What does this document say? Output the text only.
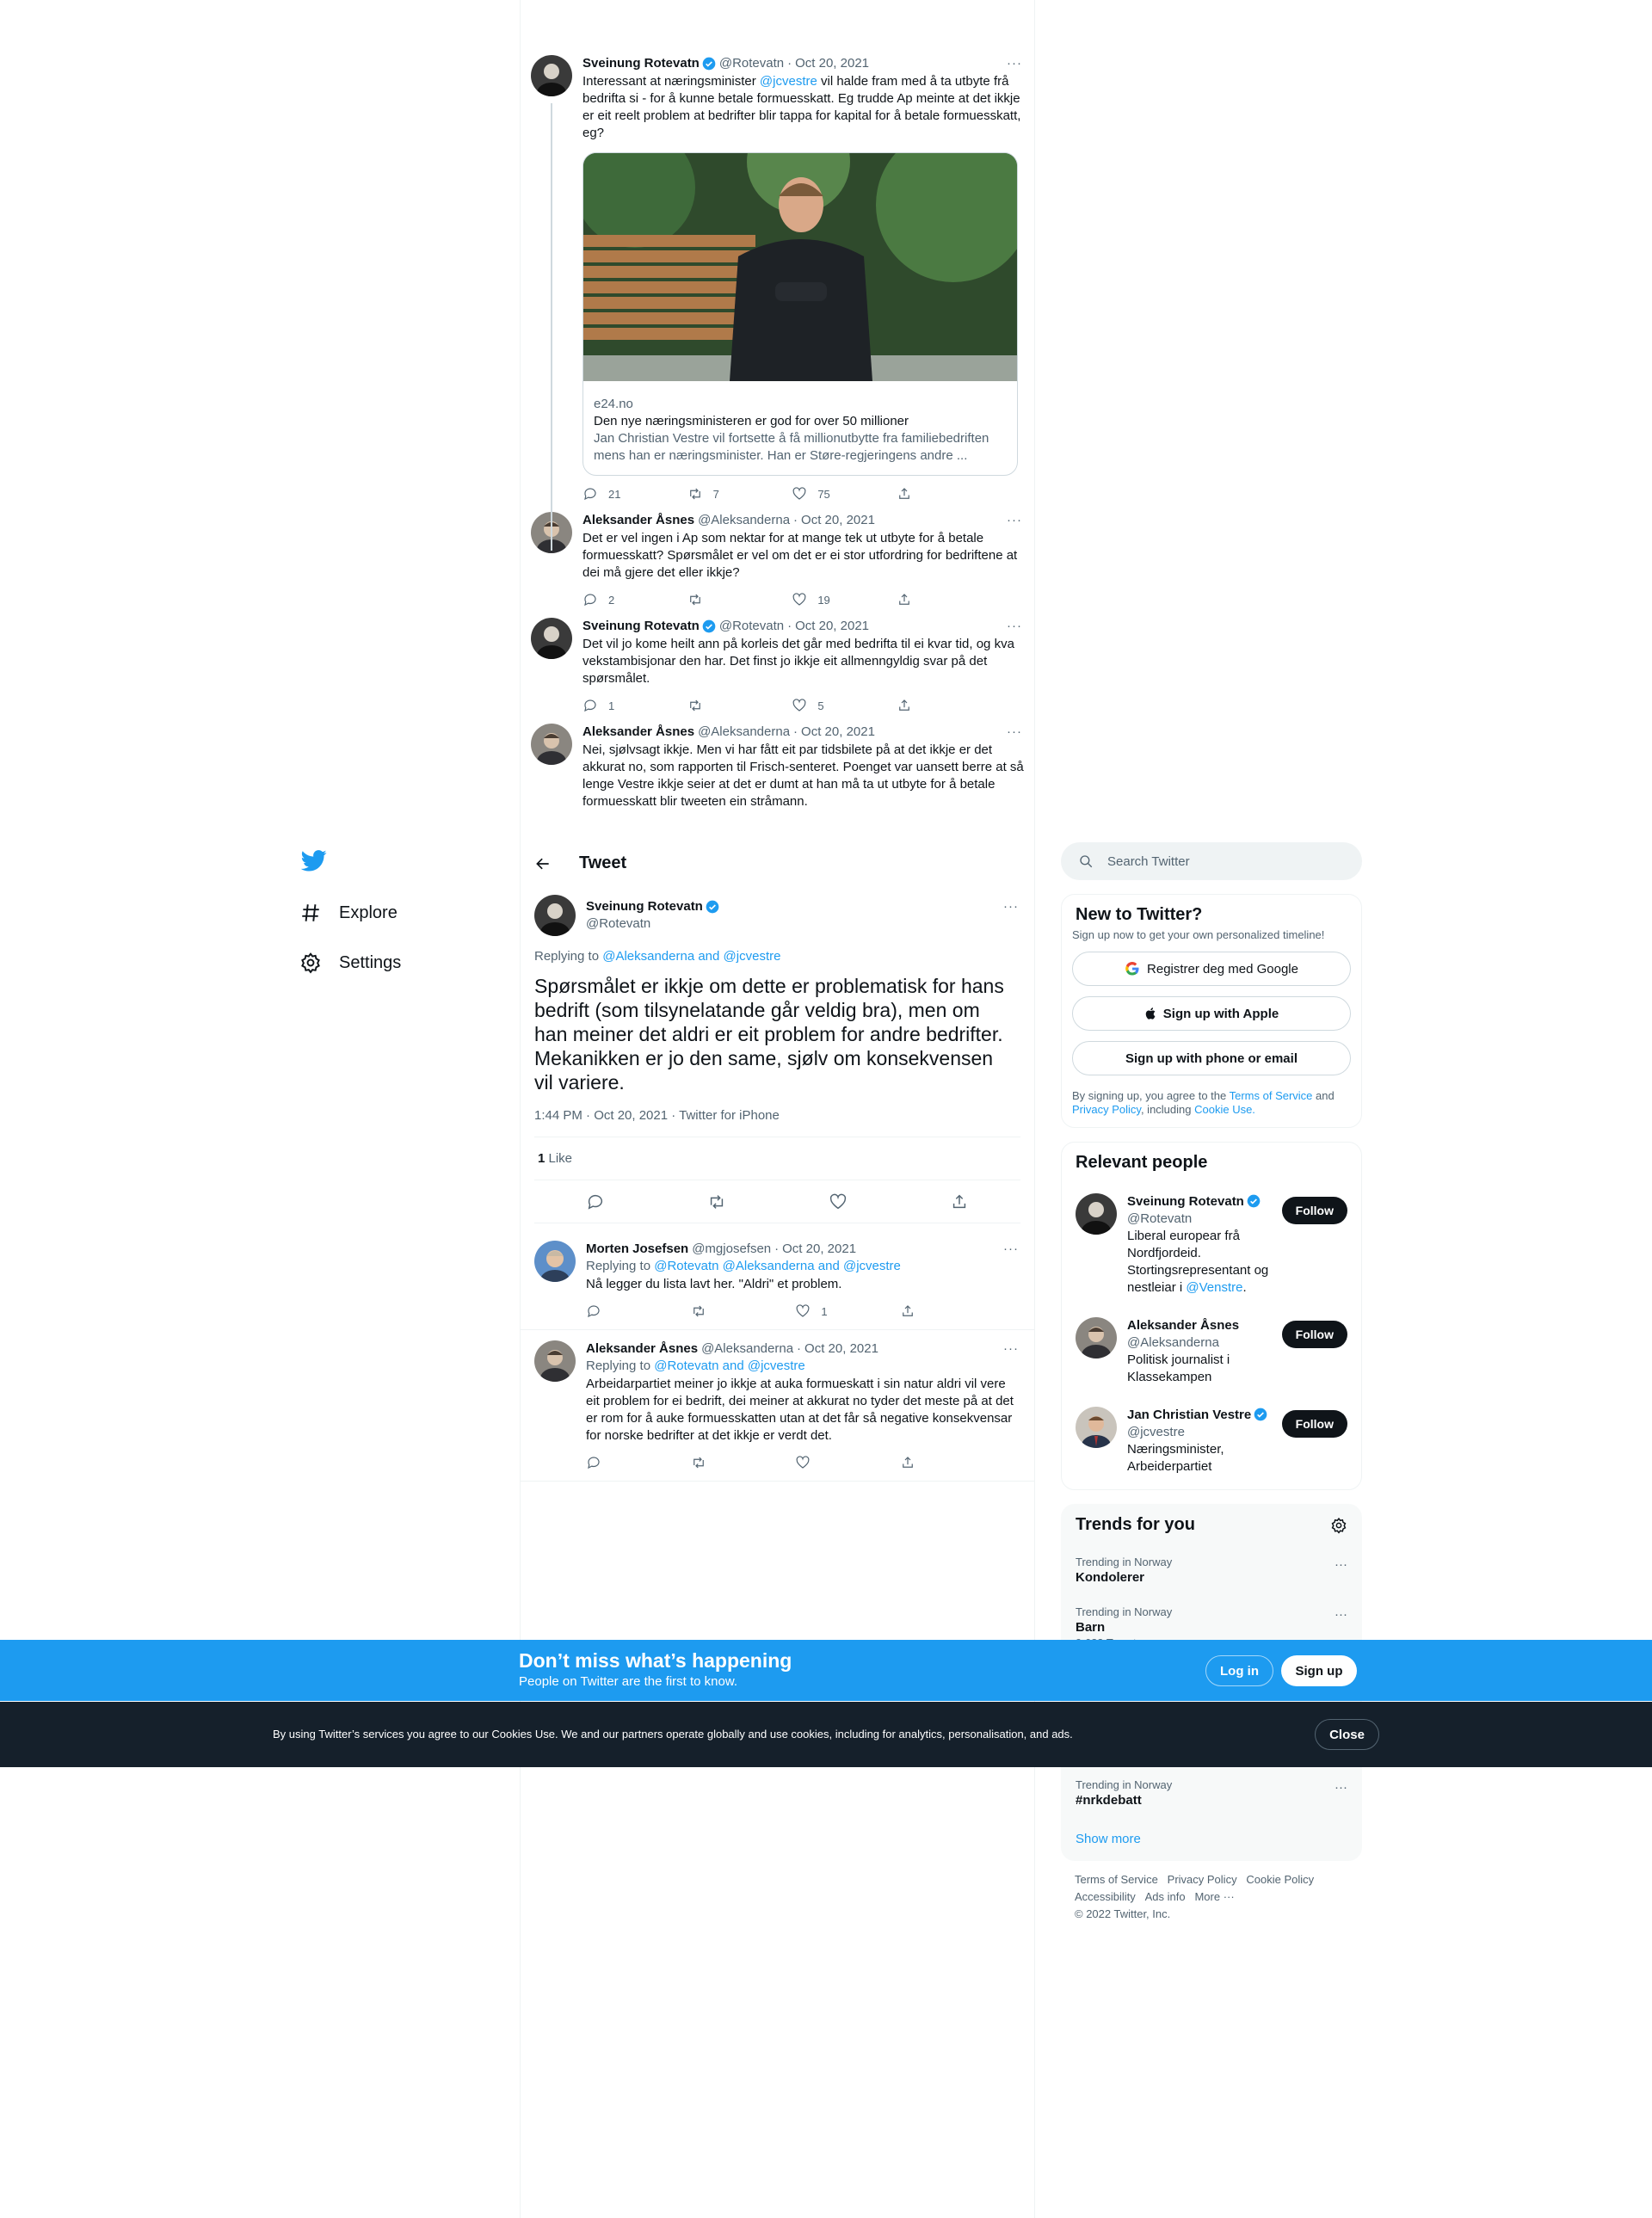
Sveinung Rotevatn @Rotevatn · Oct 20, 2021	···
Interessant at næringsminister @jcvestre vil halde fram med å ta utbyte frå bedrifta si - for å kunne betale formuesskatt. Eg trudde Ap meinte at det ikkje er eit reelt problem at bedrifter blir tappa for kapital for å betale formuesskatt, eg?
e24.no
Den nye næringsministeren er god for over 50 millioner
Jan Christian Vestre vil fortsette å få millionutbytte fra familiebedriften mens han er næringsminister. Han er Støre-regjeringens andre ...
21	7	75
Aleksander Åsnes @Aleksanderna · Oct 20, 2021	···
Det er vel ingen i Ap som nektar for at mange tek ut utbyte for å betale formuesskatt? Spørsmålet er vel om det er ei stor utfordring for bedriftene at dei må gjere det eller ikkje?
2	19
Sveinung Rotevatn @Rotevatn · Oct 20, 2021	···
Det vil jo kome heilt ann på korleis det går med bedrifta til ei kvar tid, og kva vekstambisjonar den har. Det finst jo ikkje eit allmenngyldig svar på det spørsmålet.
1	5
Aleksander Åsnes @Aleksanderna · Oct 20, 2021	···
Nei, sjølvsagt ikkje. Men vi har fått eit par tidsbilete på at det ikkje er det akkurat no, som rapporten til Frisch-senteret. Poenget var uansett berre at så lenge Vestre ikkje seier at det er dumt at han må ta ut utbyte for å betale formuesskatt blir tweeten ein stråmann.
Explore
Settings
Tweet
Sveinung Rotevatn	···
@Rotevatn
Replying to @Aleksanderna and @jcvestre
Spørsmålet er ikkje om dette er problematisk for hans bedrift (som tilsynelatande går veldig bra), men om han meiner det aldri er eit problem for andre bedrifter. Mekanikken er jo den same, sjølv om konsekvensen vil variere.
1:44 PM · Oct 20, 2021 · Twitter for iPhone
1 Like
Morten Josefsen @mgjosefsen · Oct 20, 2021	···
Replying to @Rotevatn @Aleksanderna and @jcvestre
Nå legger du lista lavt her. "Aldri" et problem.
1
Aleksander Åsnes @Aleksanderna · Oct 20, 2021	···
Replying to @Rotevatn and @jcvestre
Arbeidarpartiet meiner jo ikkje at auka formueskatt i sin natur aldri vil vere eit problem for ei bedrift, dei meiner at akkurat no tyder det meste på at det er rom for å auke formuesskatten utan at det får så negative konsekvensar for norske bedrifter at det ikkje er verdt det.
Search Twitter
New to Twitter?
Sign up now to get your own personalized timeline!
Registrer deg med Google
Sign up with Apple
Sign up with phone or email
By signing up, you agree to the Terms of Service and Privacy Policy, including Cookie Use.
Relevant people
Sveinung Rotevatn
@Rotevatn
Liberal europear frå Nordfjordeid. Stortingsrepresentant og nestleiar i @Venstre.
Follow
Aleksander Åsnes
@Aleksanderna
Politisk journalist i Klassekampen
Follow
Jan Christian Vestre
@jcvestre
Næringsminister, Arbeiderpartiet
Follow
Trends for you
Trending in Norway
Kondolerer
···
Trending in Norway
Barn
···
Trending in Norway
#nrkdebatt
···
Show more
Terms of Service Privacy Policy Cookie Policy
Accessibility Ads info More ···
© 2022 Twitter, Inc.
Don’t miss what’s happening
People on Twitter are the first to know.
Log in	Sign up
By using Twitter’s services you agree to our Cookies Use. We and our partners operate globally and use cookies, including for analytics, personalisation, and ads.	Close
